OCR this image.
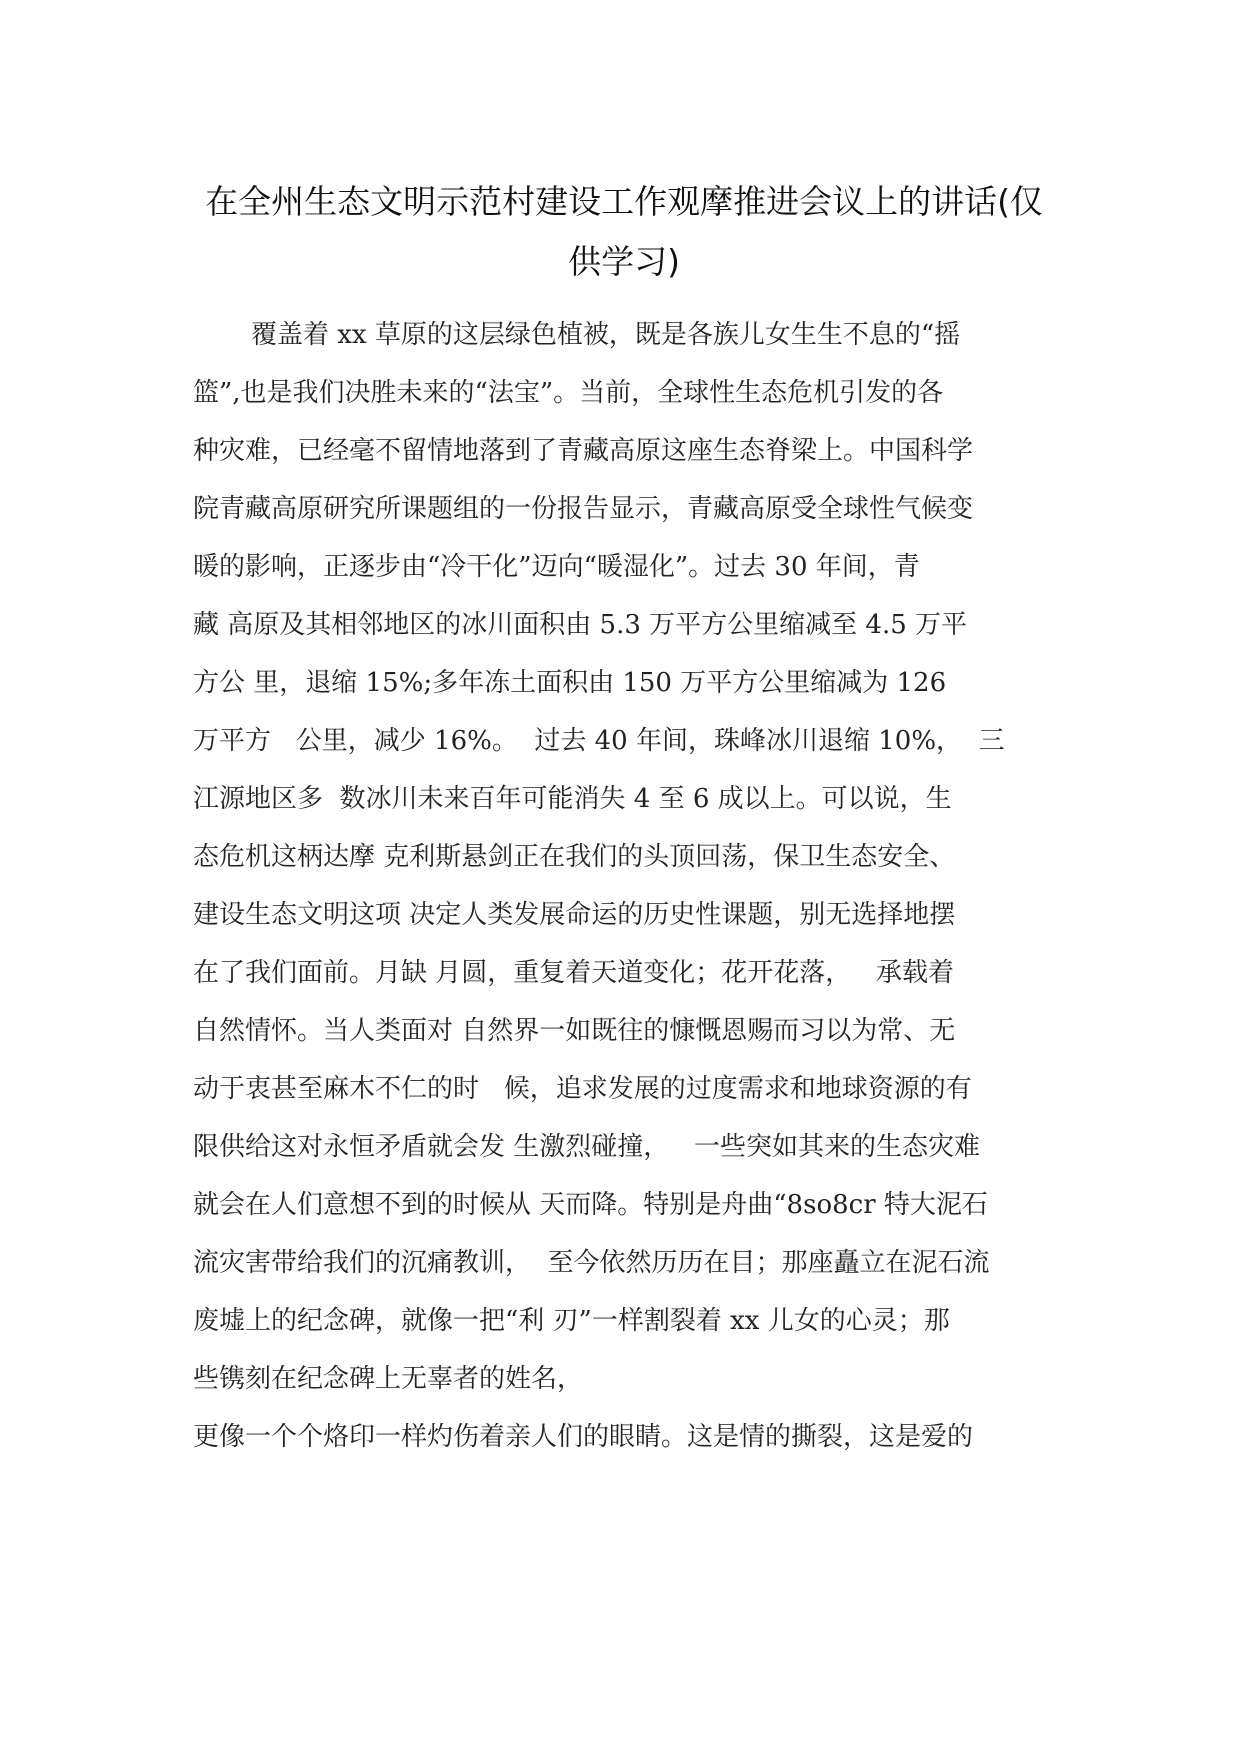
在全州生态文明示范村建设工作观摩推进会议上的讲话(仅
供学习)
覆盖着 xx 草原的这层绿色植被，既是各族儿女生生不息的“摇
篮”,也是我们决胜未来的“法宝”。当前，全球性生态危机引发的各
种灾难，已经毫不留情地落到了青藏高原这座生态脊梁上。中国科学
院青藏高原研究所课题组的一份报告显示，青藏高原受全球性气候变
暖的影响，正逐步由“冷干化”迈向“暖湿化”。过去 30 年间，青
藏 高原及其相邻地区的冰川面积由 5.3 万平方公里缩减至 4.5 万平
方公 里，退缩 15%;多年冻土面积由 150 万平方公里缩减为 126
万平方   公里，减少 16%。  过去 40 年间，珠峰冰川退缩 10%，  三
江源地区多  数冰川未来百年可能消失 4 至 6 成以上。可以说，生
态危机这柄达摩 克利斯悬剑正在我们的头顶回荡，保卫生态安全、
建设生态文明这项 决定人类发展命运的历史性课题，别无选择地摆
在了我们面前。月缺 月圆，重复着天道变化；花开花落，   承载着
自然情怀。当人类面对 自然界一如既往的慷慨恩赐而习以为常、无
动于衷甚至麻木不仁的时   候，追求发展的过度需求和地球资源的有
限供给这对永恒矛盾就会发 生激烈碰撞，   一些突如其来的生态灾难
就会在人们意想不到的时候从 天而降。特别是舟曲“8so8cr 特大泥石
流灾害带给我们的沉痛教训，  至今依然历历在目；那座矗立在泥石流
废墟上的纪念碑，就像一把“利 刃”一样割裂着 xx 儿女的心灵；那
些镌刻在纪念碑上无辜者的姓名，
更像一个个烙印一样灼伤着亲人们的眼睛。这是情的撕裂，这是爱的
